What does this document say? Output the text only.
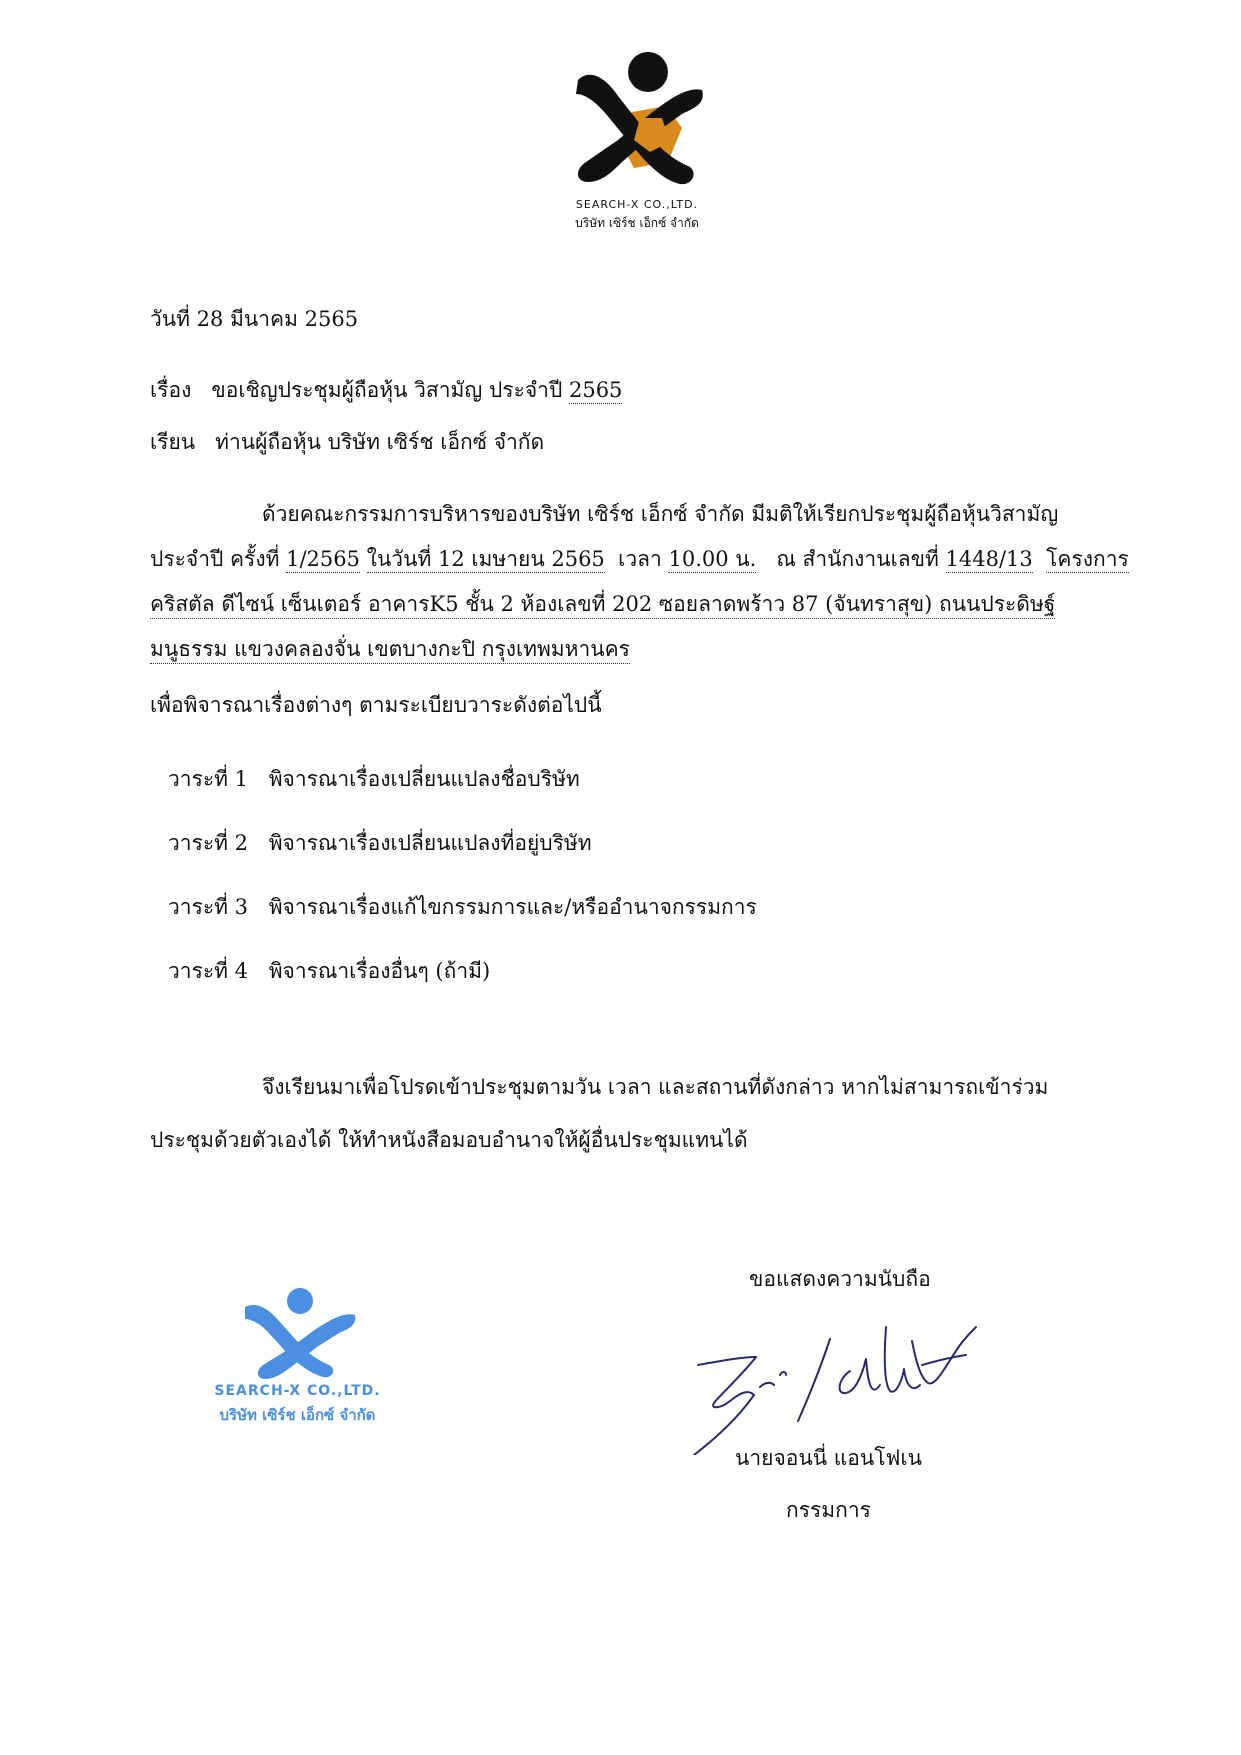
SEARCH-X CO.,LTD.
บริษัท เซิร์ช เอ็กซ์ จำกัด
วันที่ 28 มีนาคม 2565
เรื่อง ขอเชิญประชุมผู้ถือหุ้น วิสามัญ ประจำปี 2565
เรียน ท่านผู้ถือหุ้น บริษัท เซิร์ช เอ็กซ์ จำกัด
ด้วยคณะกรรมการบริหารของบริษัท เซิร์ช เอ็กซ์ จำกัด มีมติให้เรียกประชุมผู้ถือหุ้นวิสามัญ
ประจำปี ครั้งที่ 1/2565 ในวันที่ 12 เมษายน 2565 เวลา 10.00 น. ณ สำนักงานเลขที่ 1448/13 โครงการ
คริสตัล ดีไซน์ เซ็นเตอร์ อาคารK5 ชั้น 2 ห้องเลขที่ 202 ซอยลาดพร้าว 87 (จันทราสุข) ถนนประดิษฐ์
มนูธรรม แขวงคลองจั่น เขตบางกะปิ กรุงเทพมหานคร
เพื่อพิจารณาเรื่องต่างๆ ตามระเบียบวาระดังต่อไปนี้
วาระที่ 1 พิจารณาเรื่องเปลี่ยนแปลงชื่อบริษัท
วาระที่ 2 พิจารณาเรื่องเปลี่ยนแปลงที่อยู่บริษัท
วาระที่ 3 พิจารณาเรื่องแก้ไขกรรมการและ/หรืออำนาจกรรมการ
วาระที่ 4 พิจารณาเรื่องอื่นๆ (ถ้ามี)
จึงเรียนมาเพื่อโปรดเข้าประชุมตามวัน เวลา และสถานที่ดังกล่าว หากไม่สามารถเข้าร่วม
ประชุมด้วยตัวเองได้ ให้ทำหนังสือมอบอำนาจให้ผู้อื่นประชุมแทนได้
SEARCH-X CO.,LTD.
บริษัท เซิร์ช เอ็กซ์ จำกัด
ขอแสดงความนับถือ
นายจอนนี่ แอนโฟเน
กรรมการ
